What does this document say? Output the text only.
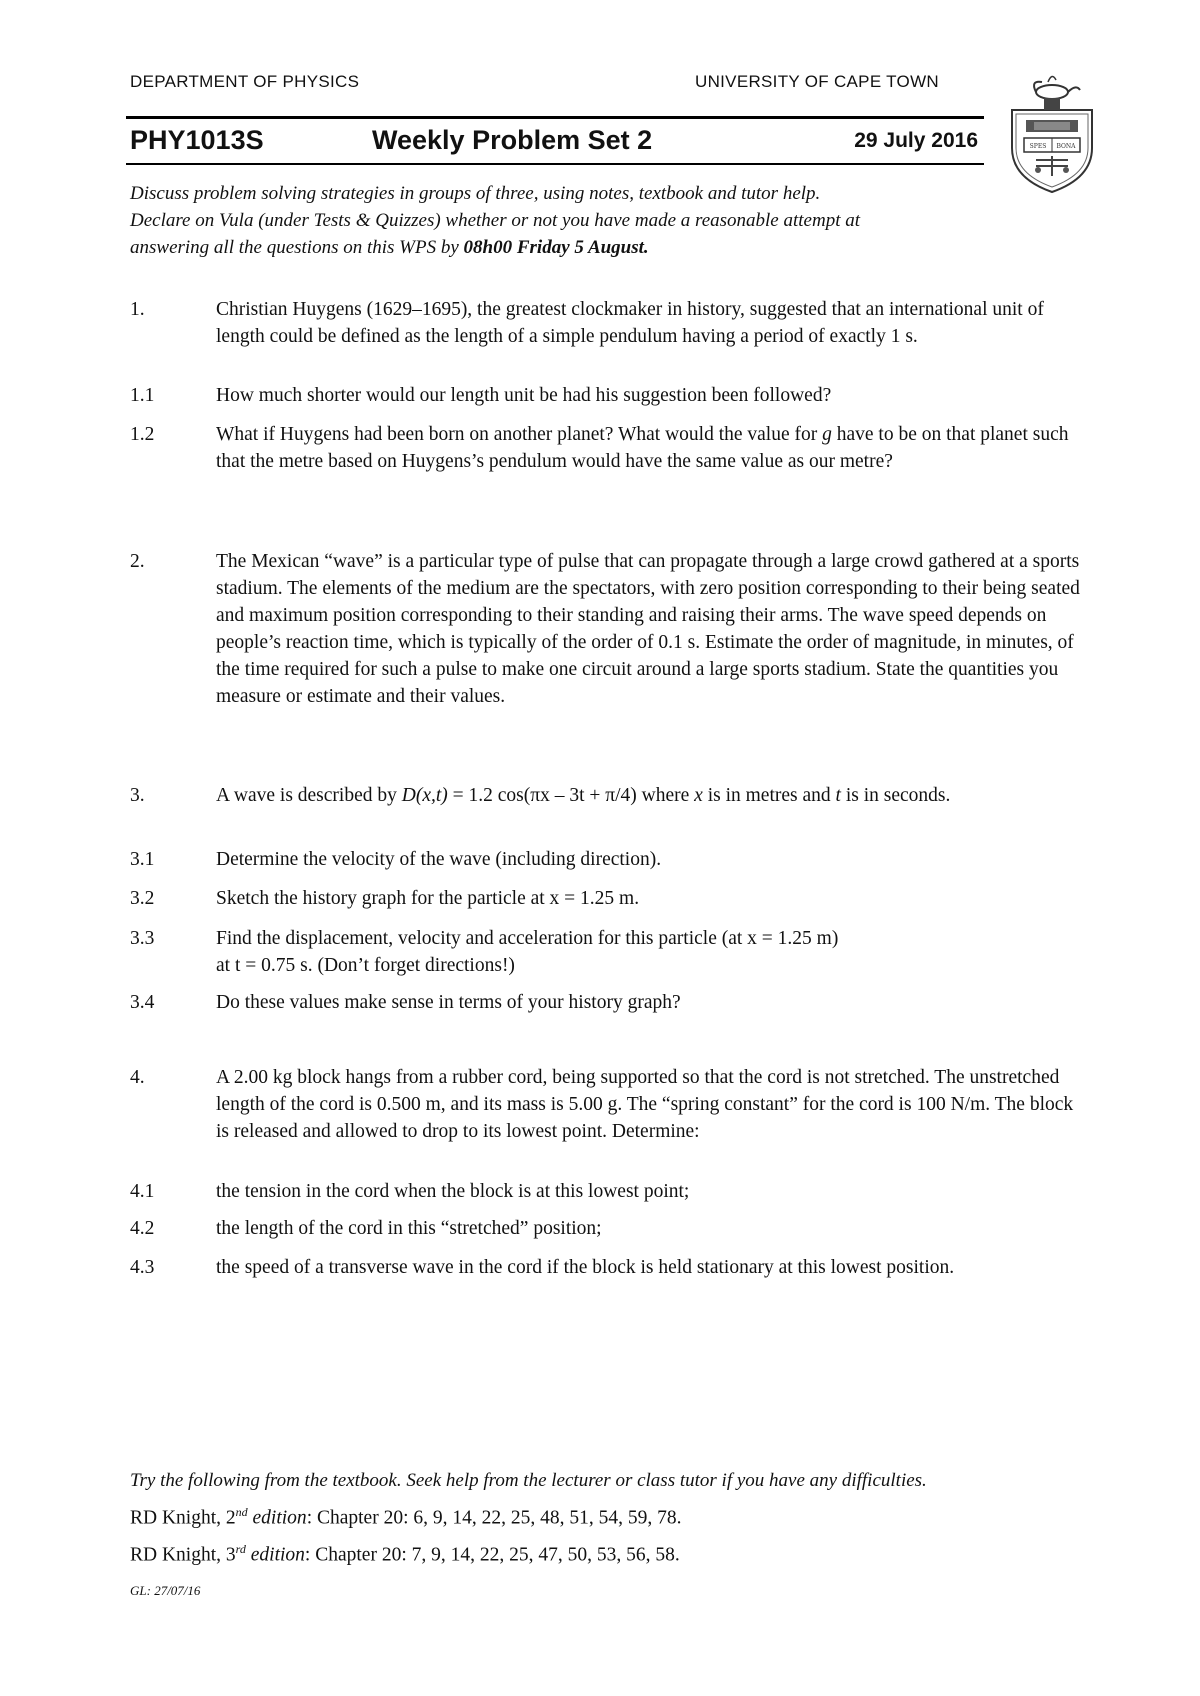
DEPARTMENT OF PHYSICS	UNIVERSITY OF CAPE TOWN
SPES BONA
PHY1013S	Weekly Problem Set 2	29 July 2016
Discuss problem solving strategies in groups of three, using notes, textbook and tutor help.
Declare on Vula (under Tests & Quizzes) whether or not you have made a reasonable attempt at
answering all the questions on this WPS by 08h00 Friday 5 August.
1.	Christian Huygens (1629–1695), the greatest clockmaker in history, suggested that an international unit of length could be defined as the length of a simple pendulum having a period of exactly 1 s.
1.1	How much shorter would our length unit be had his suggestion been followed?
1.2	What if Huygens had been born on another planet? What would the value for g have to be on that planet such that the metre based on Huygens’s pendulum would have the same value as our metre?
2.	The Mexican “wave” is a particular type of pulse that can propagate through a large crowd gathered at a sports stadium. The elements of the medium are the spectators, with zero position corresponding to their being seated and maximum position corresponding to their standing and raising their arms. The wave speed depends on people’s reaction time, which is typically of the order of 0.1 s. Estimate the order of magnitude, in minutes, of the time required for such a pulse to make one circuit around a large sports stadium. State the quantities you measure or estimate and their values.
3.	A wave is described by D(x,t) = 1.2 cos(πx – 3t + π/4) where x is in metres and t is in seconds.
3.1	Determine the velocity of the wave (including direction).
3.2	Sketch the history graph for the particle at x = 1.25 m.
3.3	Find the displacement, velocity and acceleration for this particle (at x = 1.25 m)
at t = 0.75 s. (Don’t forget directions!)
3.4	Do these values make sense in terms of your history graph?
4.	A 2.00 kg block hangs from a rubber cord, being supported so that the cord is not stretched. The unstretched length of the cord is 0.500 m, and its mass is 5.00 g. The “spring constant” for the cord is 100 N/m. The block is released and allowed to drop to its lowest point. Determine:
4.1	the tension in the cord when the block is at this lowest point;
4.2	the length of the cord in this “stretched” position;
4.3	the speed of a transverse wave in the cord if the block is held stationary at this lowest position.
Try the following from the textbook. Seek help from the lecturer or class tutor if you have any difficulties.
RD Knight, 2nd edition: Chapter 20: 6, 9, 14, 22, 25, 48, 51, 54, 59, 78.
RD Knight, 3rd edition: Chapter 20: 7, 9, 14, 22, 25, 47, 50, 53, 56, 58.
GL: 27/07/16
